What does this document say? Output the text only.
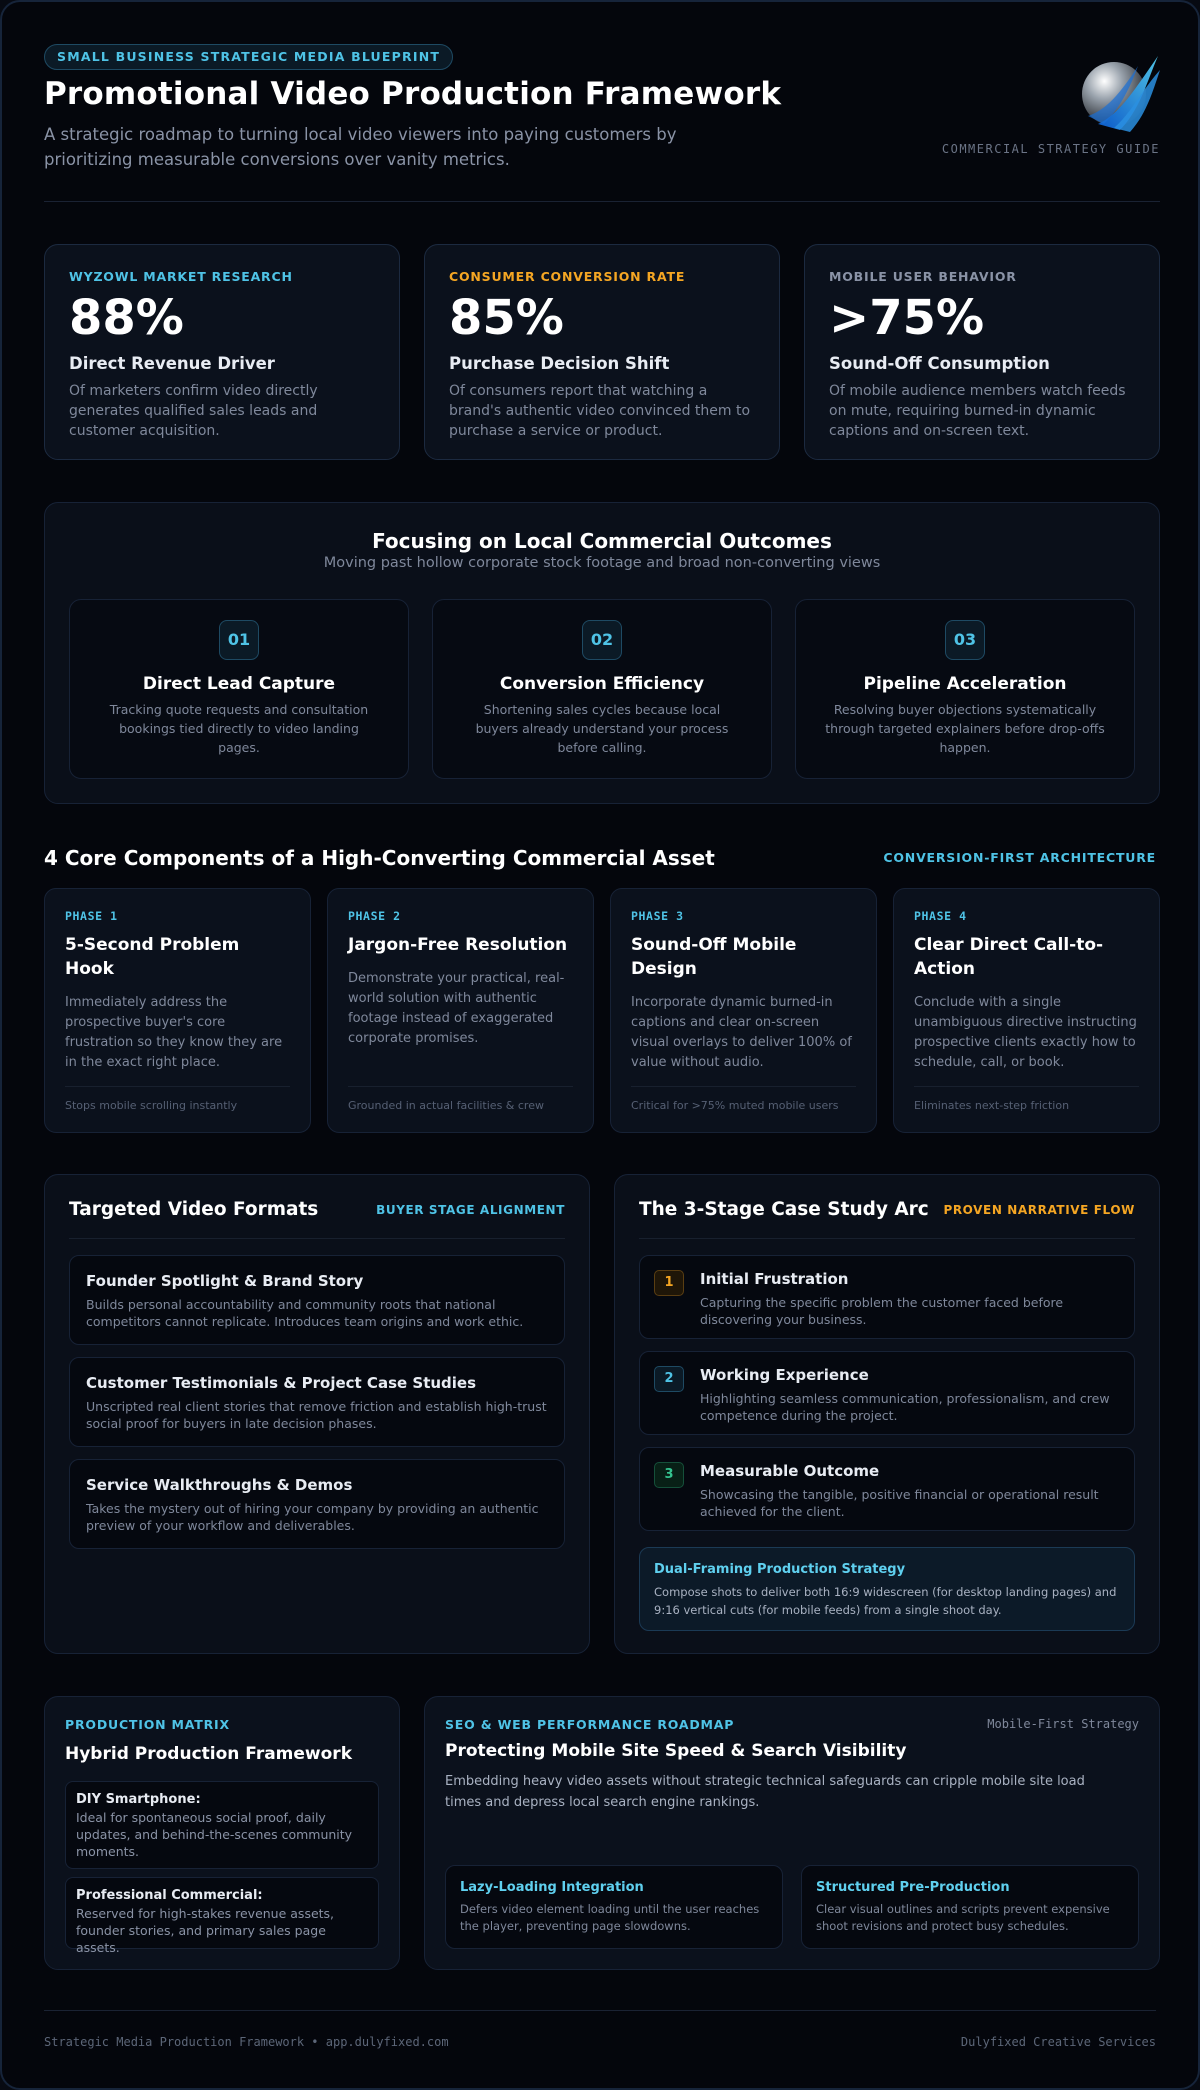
SMALL BUSINESS STRATEGIC MEDIA BLUEPRINT
Promotional Video Production Framework
A strategic roadmap to turning local video viewers into paying customers by prioritizing measurable conversions over vanity metrics.
COMMERCIAL STRATEGY GUIDE
WYZOWL MARKET RESEARCH
88%
Direct Revenue Driver
Of marketers confirm video directly generates qualified sales leads and customer acquisition.
CONSUMER CONVERSION RATE
85%
Purchase Decision Shift
Of consumers report that watching a brand's authentic video convinced them to purchase a service or product.
MOBILE USER BEHAVIOR
>75%
Sound-Off Consumption
Of mobile audience members watch feeds on mute, requiring burned-in dynamic captions and on-screen text.
Focusing on Local Commercial Outcomes
Moving past hollow corporate stock footage and broad non-converting views
01
Direct Lead Capture
Tracking quote requests and consultation bookings tied directly to video landing pages.
02
Conversion Efficiency
Shortening sales cycles because local buyers already understand your process before calling.
03
Pipeline Acceleration
Resolving buyer objections systematically through targeted explainers before drop-offs happen.
4 Core Components of a High-Converting Commercial Asset	CONVERSION-FIRST ARCHITECTURE
PHASE 1
5-Second Problem Hook
Immediately address the prospective buyer's core frustration so they know they are in the exact right place.
Stops mobile scrolling instantly
PHASE 2
Jargon-Free Resolution
Demonstrate your practical, real-world solution with authentic footage instead of exaggerated corporate promises.
Grounded in actual facilities & crew
PHASE 3
Sound-Off Mobile Design
Incorporate dynamic burned-in captions and clear on-screen visual overlays to deliver 100% of value without audio.
Critical for >75% muted mobile users
PHASE 4
Clear Direct Call-to-Action
Conclude with a single unambiguous directive instructing prospective clients exactly how to schedule, call, or book.
Eliminates next-step friction
Targeted Video Formats	BUYER STAGE ALIGNMENT
Founder Spotlight & Brand Story
Builds personal accountability and community roots that national competitors cannot replicate. Introduces team origins and work ethic.
Customer Testimonials & Project Case Studies
Unscripted real client stories that remove friction and establish high-trust social proof for buyers in late decision phases.
Service Walkthroughs & Demos
Takes the mystery out of hiring your company by providing an authentic preview of your workflow and deliverables.
The 3-Stage Case Study Arc PROVEN NARRATIVE FLOW
1	Initial Frustration
Capturing the specific problem the customer faced before discovering your business.
2	Working Experience
Highlighting seamless communication, professionalism, and crew competence during the project.
3	Measurable Outcome
Showcasing the tangible, positive financial or operational result achieved for the client.
Dual-Framing Production Strategy
Compose shots to deliver both 16:9 widescreen (for desktop landing pages) and 9:16 vertical cuts (for mobile feeds) from a single shoot day.
PRODUCTION MATRIX
Hybrid Production Framework
DIY Smartphone:
Ideal for spontaneous social proof, daily updates, and behind-the-scenes community moments.
Professional Commercial:
Reserved for high-stakes revenue assets, founder stories, and primary sales page assets.
SEO & WEB PERFORMANCE ROADMAP	Mobile-First Strategy
Protecting Mobile Site Speed & Search Visibility
Embedding heavy video assets without strategic technical safeguards can cripple mobile site load times and depress local search engine rankings.
Lazy-Loading Integration
Defers video element loading until the user reaches the player, preventing page slowdowns.
Structured Pre-Production
Clear visual outlines and scripts prevent expensive shoot revisions and protect busy schedules.
Strategic Media Production Framework • app.dulyfixed.com	Dulyfixed Creative Services
